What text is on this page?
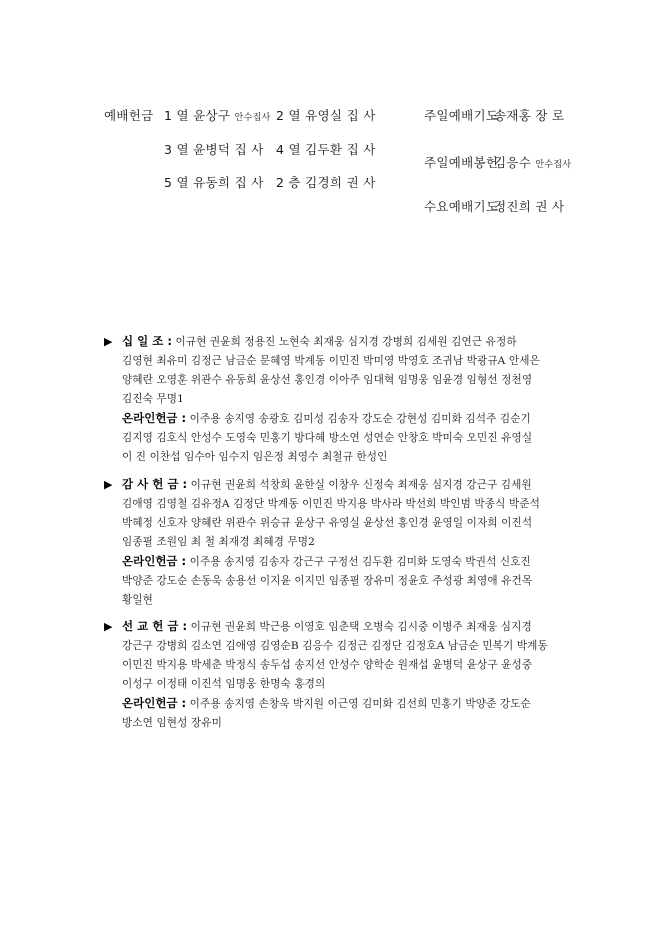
예배헌금 1 열 윤상구 안수집사 2 열 유영실 집 사
3 열 윤병덕 집 사 4 열 김두환 집 사
5 열 유동희 집 사 2 층 김경희 권 사
주일예배기도
송재홍 장 로
주일예배봉헌
김응수 안수집사
수요예배기도
정진희 권 사
▶ 십 일 조 : 이규현 권윤희 정용진 노현숙 최재웅 심지경 강병희 김세원 김연근 유정하
김영현 최유미 김정근 남금순 문혜영 박계동 이민진 박미영 박영호 조귀남 박광규A 안세은
양혜란 오영훈 위관수 유동희 윤상선 홍인경 이아주 임대혁 임명웅 임윤경 임형선 정천영
김진숙 무명1
온라인헌금 : 이주용 송지영 송광호 김미성 김송자 강도순 강현성 김미화 김석주 김순기
김지영 김호식 안성수 도영숙 민홍기 방다혜 방소연 성연순 안창호 박미숙 오민진 유영실
이 진 이찬섭 임수아 임수지 임은정 최영수 최철규 한성인
▶ 감 사 헌 금 : 이규현 권윤희 석창희 윤한실 이창우 신정숙 최재웅 심지경 강근구 김세원
김애영 김영철 김유정A 김정단 박계동 이민진 박지용 박사라 박선희 박인범 박종식 박준석
박혜정 신호자 양혜란 위관수 위승규 윤상구 유영실 윤상선 홍인경 윤영일 이자희 이진석
임종필 조원임 최 철 최재경 최혜경 무명2
온라인헌금 : 이주용 송지영 김송자 강근구 구정선 김두환 김미화 도영숙 박권석 신호진
박양준 강도순 손동욱 송용선 이지윤 이지민 임종필 장유미 정윤호 주성광 최영애 유건목
황일현
▶ 선 교 헌 금 : 이규현 권윤희 박근용 이영호 임춘택 오병숙 김시중 이병주 최재웅 심지경
강근구 강병희 김소연 김애영 김영순B 김응수 김정근 김정단 김정호A 남금순 민복기 박계동
이민진 박지용 박세춘 박정식 송두섭 송지선 안성수 양학순 원재섭 윤병덕 윤상구 윤성중
이성구 이정태 이진석 임명웅 한명숙 홍경의
온라인헌금 : 이주용 송지영 손창욱 박지원 이근영 김미화 김선희 민홍기 박양준 강도순
방소연 임현성 장유미
